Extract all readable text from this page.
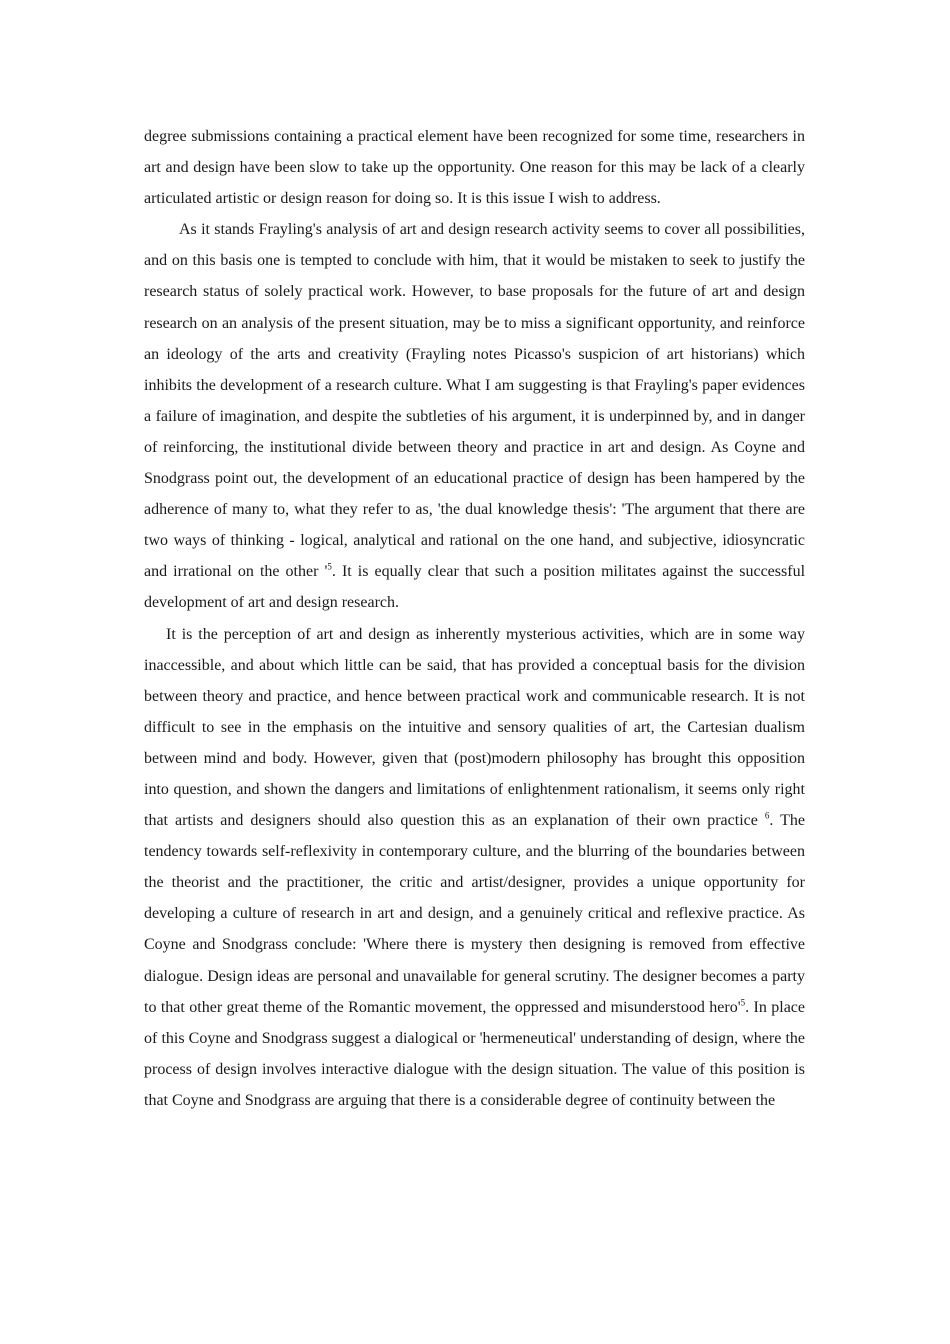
degree submissions containing a practical element have been recognized for some time, researchers in art and design have been slow to take up the opportunity. One reason for this may be lack of a clearly articulated artistic or design reason for doing so. It is this issue I wish to address.

As it stands Frayling's analysis of art and design research activity seems to cover all possibilities, and on this basis one is tempted to conclude with him, that it would be mistaken to seek to justify the research status of solely practical work. However, to base proposals for the future of art and design research on an analysis of the present situation, may be to miss a significant opportunity, and reinforce an ideology of the arts and creativity (Frayling notes Picasso's suspicion of art historians) which inhibits the development of a research culture. What I am suggesting is that Frayling's paper evidences a failure of imagination, and despite the subtleties of his argument, it is underpinned by, and in danger of reinforcing, the institutional divide between theory and practice in art and design. As Coyne and Snodgrass point out, the development of an educational practice of design has been hampered by the adherence of many to, what they refer to as, 'the dual knowledge thesis': 'The argument that there are two ways of thinking - logical, analytical and rational on the one hand, and subjective, idiosyncratic and irrational on the other '$^5$. It is equally clear that such a position militates against the successful development of art and design research.

It is the perception of art and design as inherently mysterious activities, which are in some way inaccessible, and about which little can be said, that has provided a conceptual basis for the division between theory and practice, and hence between practical work and communicable research. It is not difficult to see in the emphasis on the intuitive and sensory qualities of art, the Cartesian dualism between mind and body. However, given that (post)modern philosophy has brought this opposition into question, and shown the dangers and limitations of enlightenment rationalism, it seems only right that artists and designers should also question this as an explanation of their own practice $^6$. The tendency towards self-reflexivity in contemporary culture, and the blurring of the boundaries between the theorist and the practitioner, the critic and artist/designer, provides a unique opportunity for developing a culture of research in art and design, and a genuinely critical and reflexive practice. As Coyne and Snodgrass conclude: 'Where there is mystery then designing is removed from effective dialogue. Design ideas are personal and unavailable for general scrutiny. The designer becomes a party to that other great theme of the Romantic movement, the oppressed and misunderstood $hero'^5$. In place of this Coyne and Snodgrass suggest a dialogical or 'hermeneutical' understanding of design, where the process of design involves interactive dialogue with the design situation. The value of this position is that Coyne and Snodgrass are arguing that there is a considerable degree of continuity between the
